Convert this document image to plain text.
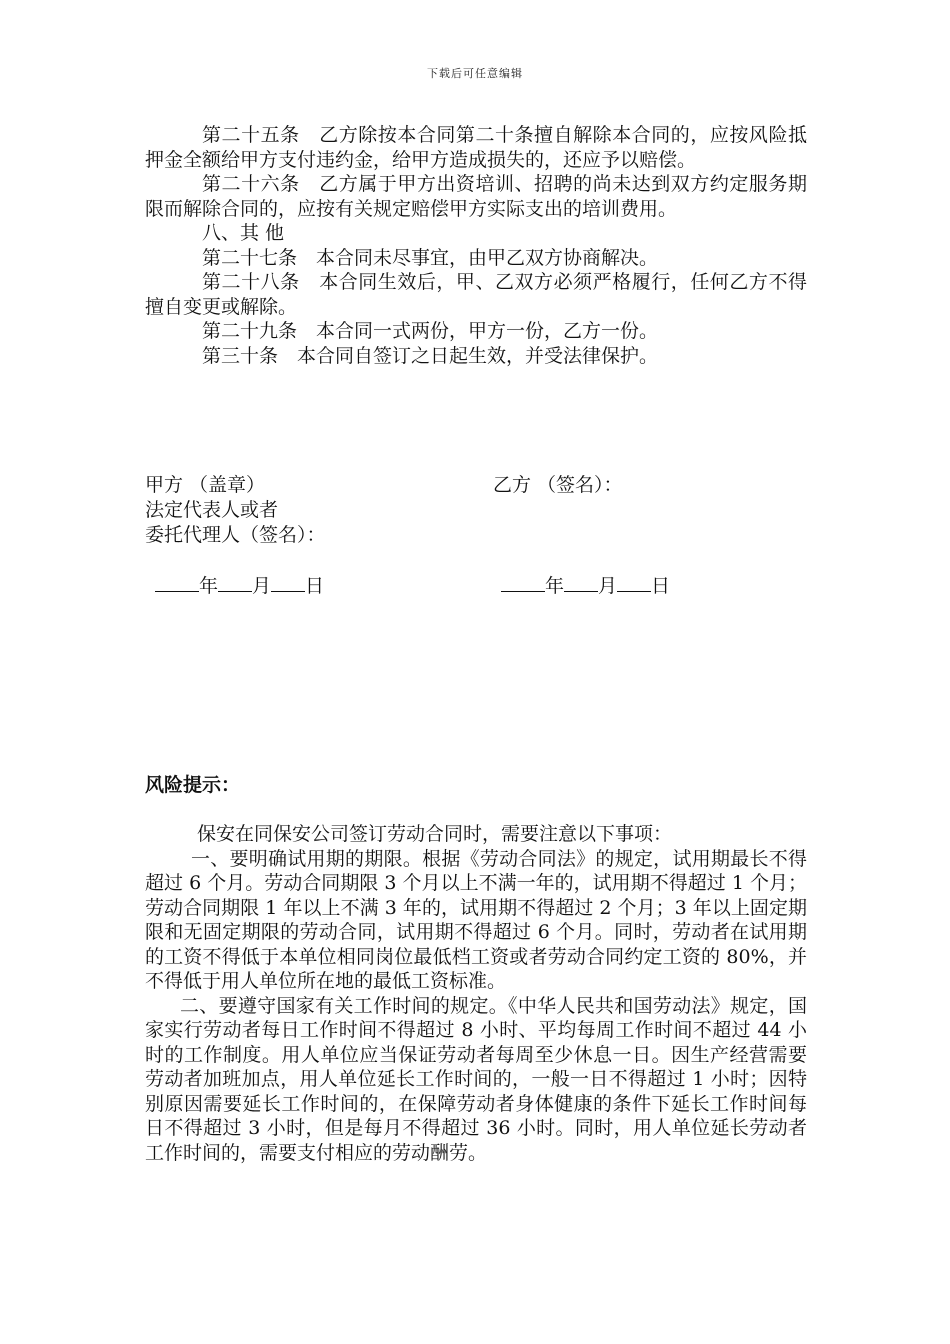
下载后可任意编辑

第二十五条　乙方除按本合同第二十条擅自解除本合同的，应按风险抵押金全额给甲方支付违约金，给甲方造成损失的，还应予以赔偿。

第二十六条　乙方属于甲方出资培训、招聘的尚未达到双方约定服务期限而解除合同的，应按有关规定赔偿甲方实际支出的培训费用。

八、其 他

第二十七条　本合同未尽事宜，由甲乙双方协商解决。

第二十八条　本合同生效后，甲、乙双方必须严格履行，任何乙方不得擅自变更或解除。

第二十九条　本合同一式两份，甲方一份，乙方一份。

第三十条　本合同自签订之日起生效，并受法律保护。

甲方 （盖章）	乙方 （签名）：
法定代表人或者
委托代理人（签名）：
年 月 日	年 月 日
风险提示：

保安在同保安公司签订劳动合同时，需要注意以下事项：

一、要明确试用期的期限。根据《劳动合同法》的规定，试用期最长不得超过 6 个月。劳动合同期限 3 个月以上不满一年的，试用期不得超过 1 个月；劳动合同期限 1 年以上不满 3 年的，试用期不得超过 2 个月；3 年以上固定期限和无固定期限的劳动合同，试用期不得超过 6 个月。同时，劳动者在试用期的工资不得低于本单位相同岗位最低档工资或者劳动合同约定工资的 80%，并不得低于用人单位所在地的最低工资标准。

二、要遵守国家有关工作时间的规定。《中华人民共和国劳动法》规定，国家实行劳动者每日工作时间不得超过 8 小时、平均每周工作时间不超过 44 小时的工作制度。用人单位应当保证劳动者每周至少休息一日。因生产经营需要劳动者加班加点，用人单位延长工作时间的，一般一日不得超过 1 小时；因特别原因需要延长工作时间的，在保障劳动者身体健康的条件下延长工作时间每日不得超过 3 小时，但是每月不得超过 36 小时。同时，用人单位延长劳动者工作时间的，需要支付相应的劳动酬劳。
